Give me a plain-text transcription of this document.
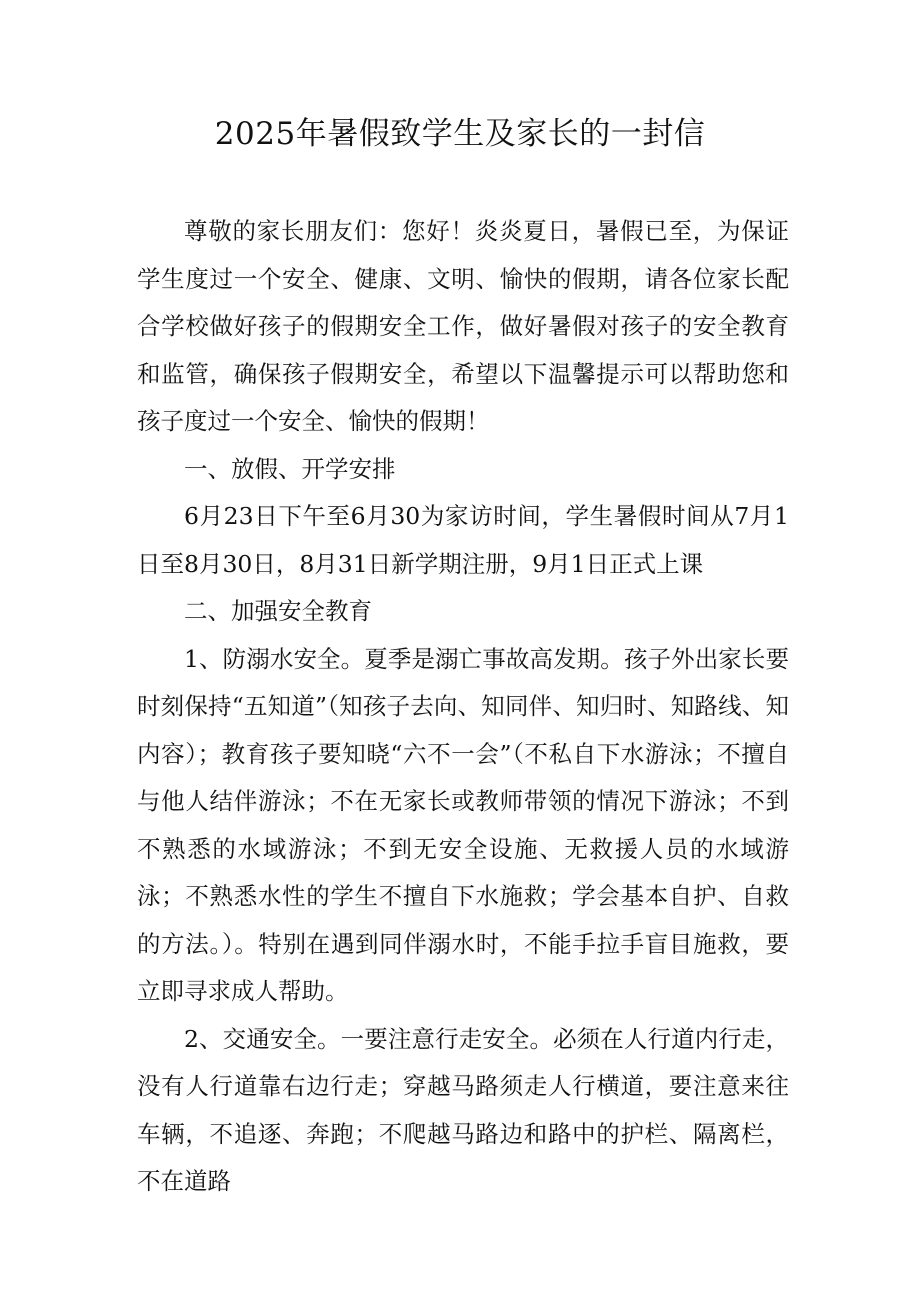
2025年暑假致学生及家长的一封信

尊敬的家长朋友们：您好！炎炎夏日，暑假已至，为保证学生度过一个安全、健康、文明、愉快的假期，请各位家长配合学校做好孩子的假期安全工作，做好暑假对孩子的安全教育和监管，确保孩子假期安全，希望以下温馨提示可以帮助您和孩子度过一个安全、愉快的假期！

一、放假、开学安排

6月23日下午至6月30为家访时间，学生暑假时间从7月1日至8月30日，8月31日新学期注册，9月1日正式上课

二、加强安全教育

1、防溺水安全。夏季是溺亡事故高发期。孩子外出家长要时刻保持“五知道”（知孩子去向、知同伴、知归时、知路线、知内容）；教育孩子要知晓“六不一会”（不私自下水游泳；不擅自与他人结伴游泳；不在无家长或教师带领的情况下游泳；不到不熟悉的水域游泳；不到无安全设施、无救援人员的水域游泳；不熟悉水性的学生不擅自下水施救；学会基本自护、自救的方法。）。特别在遇到同伴溺水时，不能手拉手盲目施救，要立即寻求成人帮助。

2、交通安全。一要注意行走安全。必须在人行道内行走，没有人行道靠右边行走；穿越马路须走人行横道，要注意来往车辆，不追逐、奔跑；不爬越马路边和路中的护栏、隔离栏，不在道路
